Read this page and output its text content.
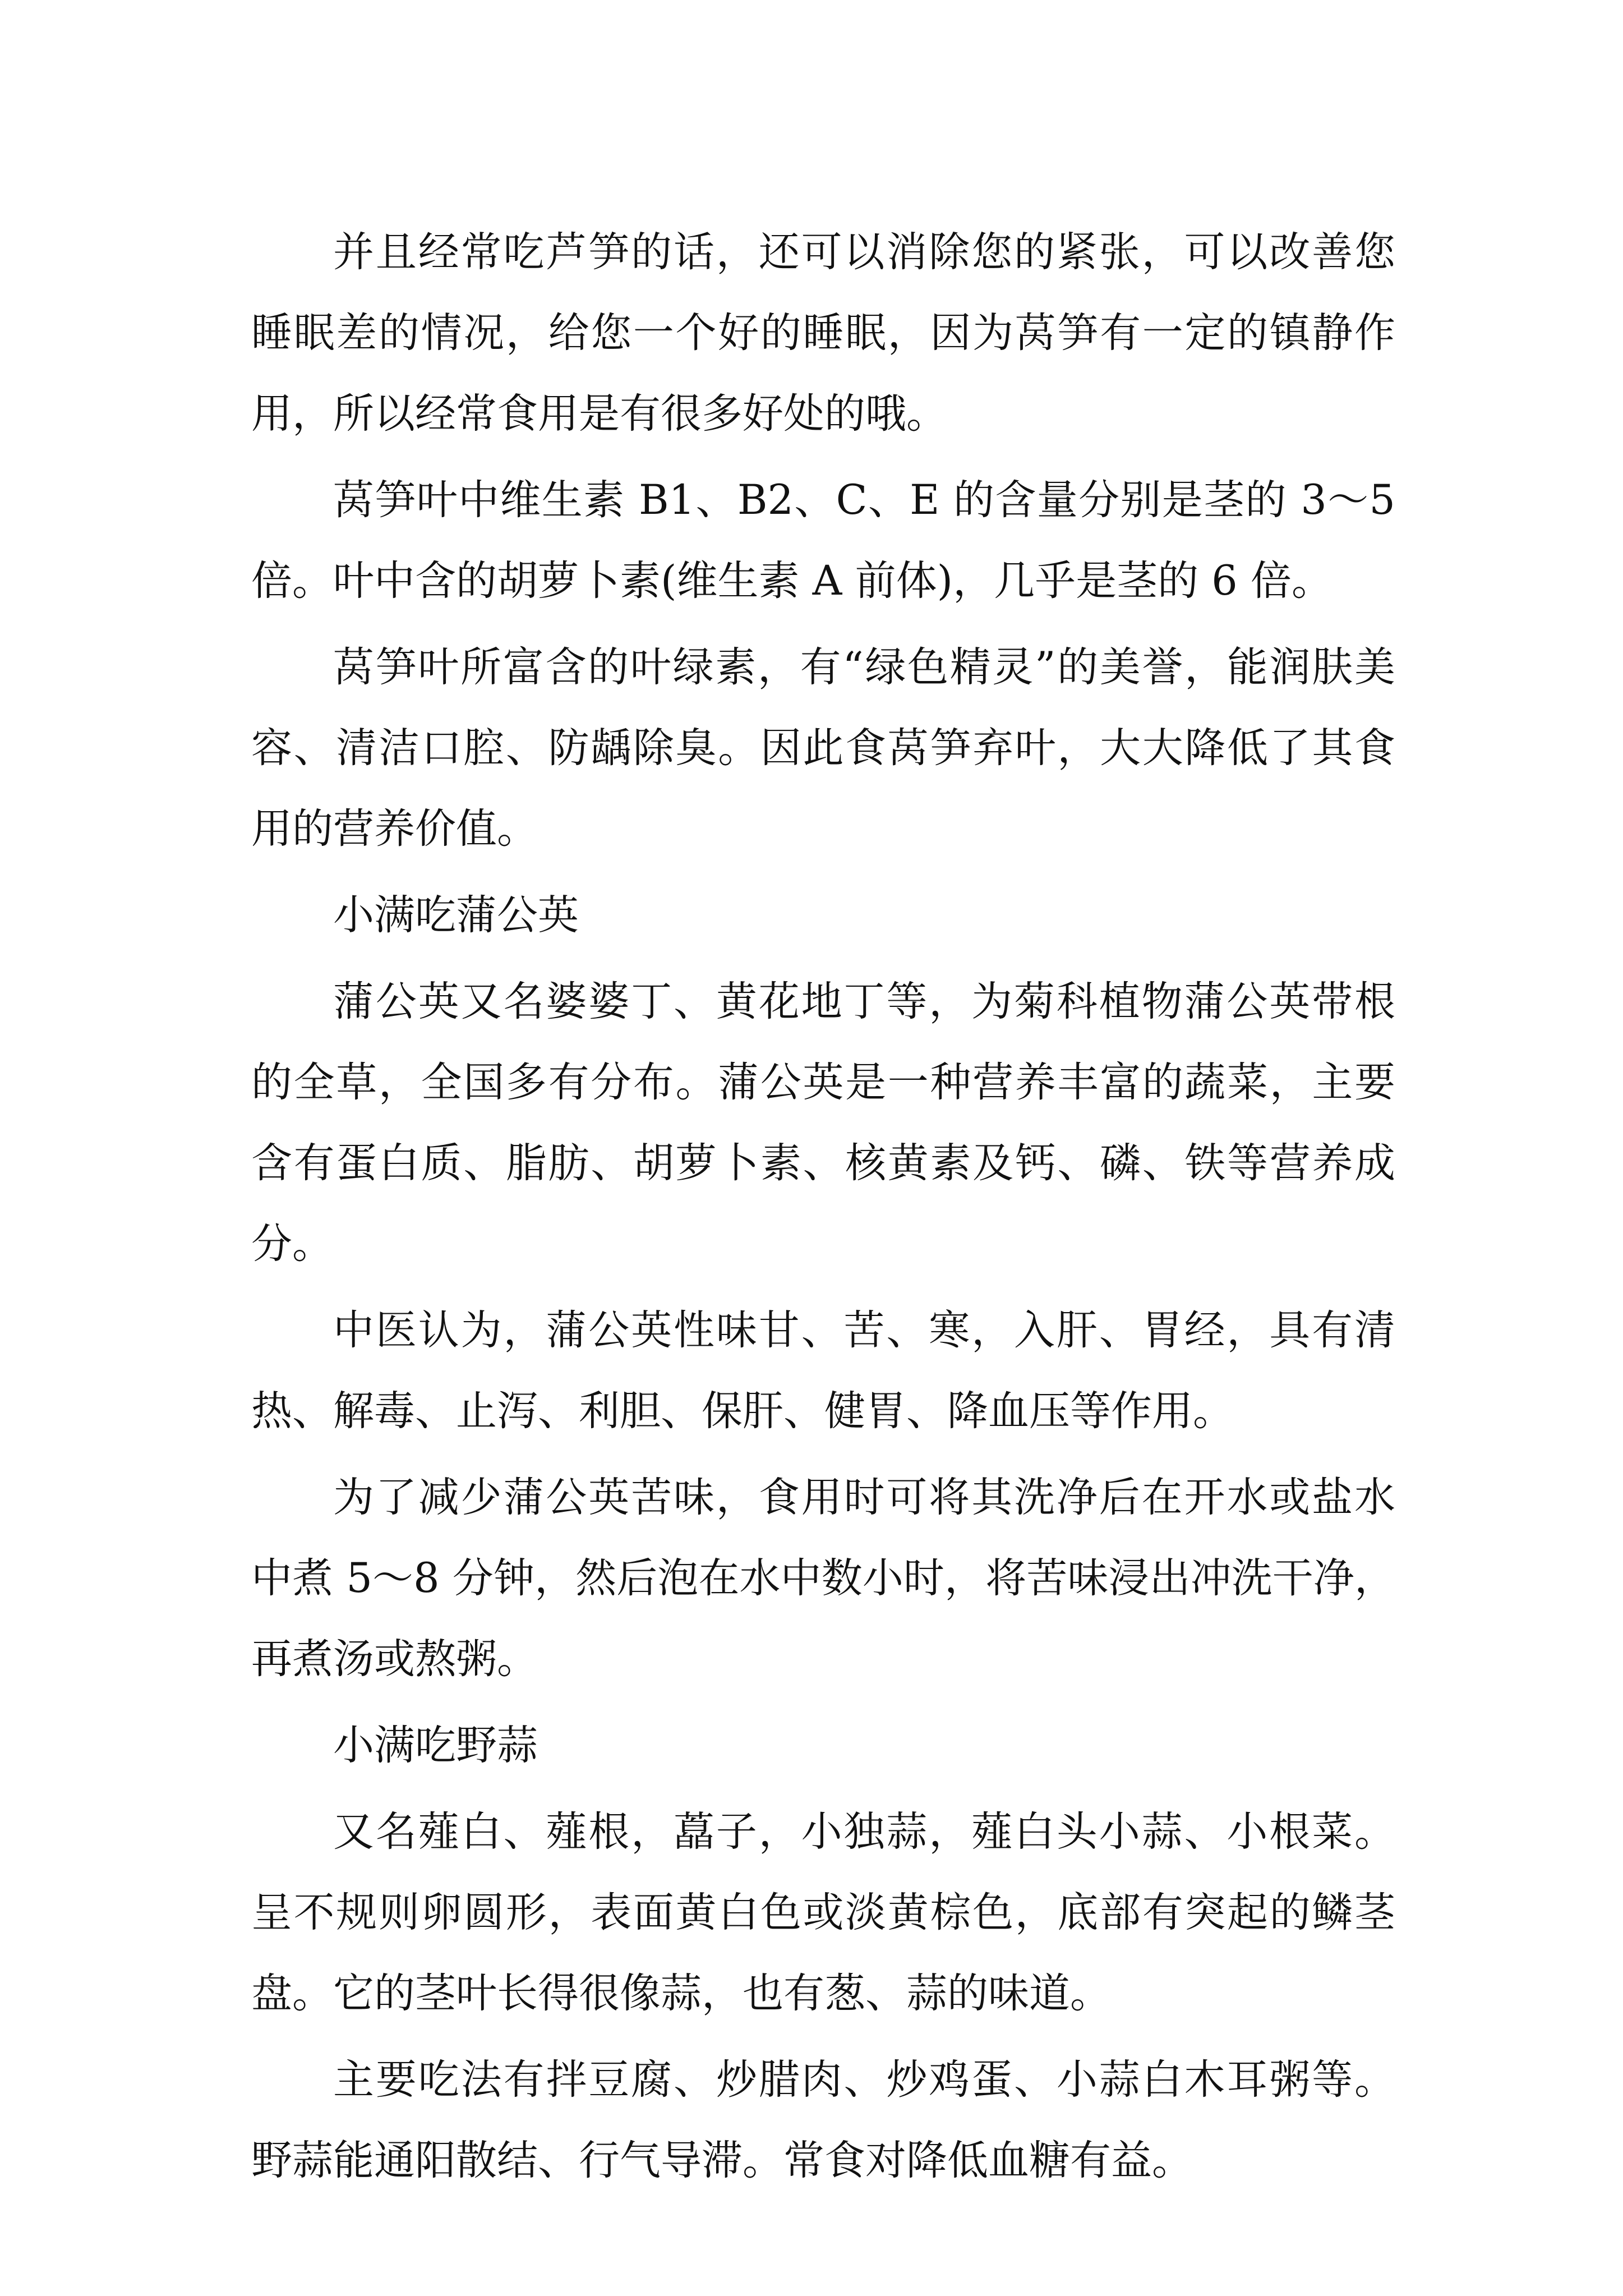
并且经常吃芦笋的话，还可以消除您的紧张，可以改善您睡眠差的情况，给您一个好的睡眠，因为莴笋有一定的镇静作用，所以经常食用是有很多好处的哦。

莴笋叶中维生素 B1、B2、C、E 的含量分别是茎的 3～5 倍。叶中含的胡萝卜素(维生素 A 前体)，几乎是茎的 6 倍。

莴笋叶所富含的叶绿素，有“绿色精灵”的美誉，能润肤美容、清洁口腔、防龋除臭。因此食莴笋弃叶，大大降低了其食用的营养价值。

小满吃蒲公英

蒲公英又名婆婆丁、黄花地丁等，为菊科植物蒲公英带根的全草，全国多有分布。蒲公英是一种营养丰富的蔬菜，主要含有蛋白质、脂肪、胡萝卜素、核黄素及钙、磷、铁等营养成分。

中医认为，蒲公英性味甘、苦、寒，入肝、胃经，具有清热、解毒、止泻、利胆、保肝、健胃、降血压等作用。

为了减少蒲公英苦味，食用时可将其洗净后在开水或盐水中煮 5～8 分钟，然后泡在水中数小时，将苦味浸出冲洗干净，再煮汤或熬粥。

小满吃野蒜

又名薤白、薤根，藠子，小独蒜，薤白头小蒜、小根菜。呈不规则卵圆形，表面黄白色或淡黄棕色，底部有突起的鳞茎盘。它的茎叶长得很像蒜，也有葱、蒜的味道。

主要吃法有拌豆腐、炒腊肉、炒鸡蛋、小蒜白木耳粥等。野蒜能通阳散结、行气导滞。常食对降低血糖有益。
